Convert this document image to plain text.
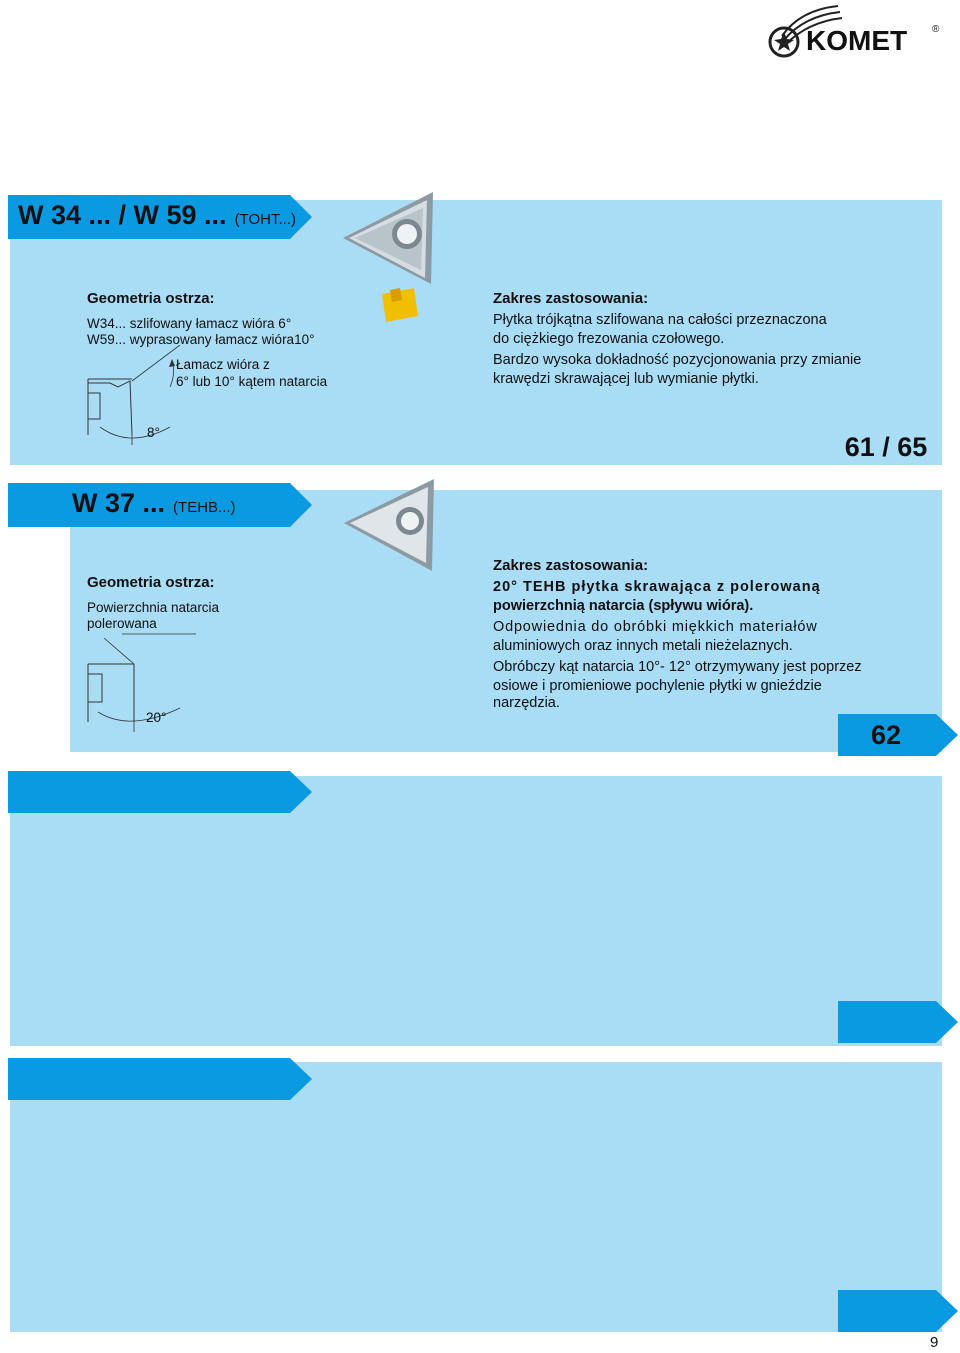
KOMET ®
W 34 ... / W 59 ... (TOHT...)
Geometria ostrza:
W34... szlifowany łamacz wióra 6°
W59... wyprasowany łamacz wióra10°
Łamacz wióra z
6° lub 10° kątem natarcia
8°
Zakres zastosowania:
Płytka trójkątna szlifowana na całości przeznaczona
do ciężkiego frezowania czołowego.
Bardzo wysoka dokładność pozycjonowania przy zmianie
krawędzi skrawającej lub wymianie płytki.
61 / 65
W 37 ... (TEHB...)
Geometria ostrza:
Powierzchnia natarcia
polerowana
20°
Zakres zastosowania:
20° TEHB płytka skrawająca z polerowaną
powierzchnią natarcia (spływu wióra).
Odpowiednia do obróbki miękkich materiałów
aluminiowych oraz innych metali nieżelaznych.
Obróbczy kąt natarcia 10°- 12° otrzymywany jest poprzez
osiowe i promieniowe pochylenie płytki w gnieździe
narzędzia.
62
9
